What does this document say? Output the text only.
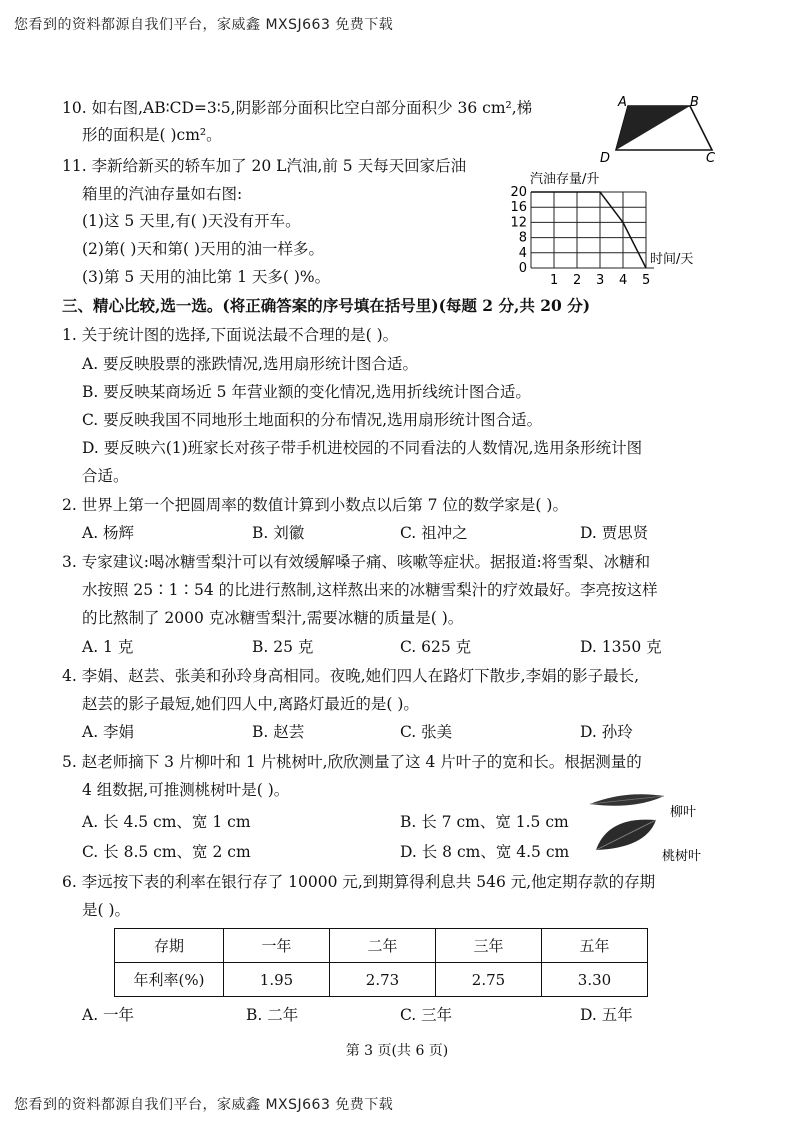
您看到的资料都源自我们平台，家威鑫 MXSJ663 免费下载
10. 如右图,AB∶CD=3∶5,阴影部分面积比空白部分面积少 36 cm²,梯
形的面积是( )cm²。
A	B
C
D
11. 李新给新买的轿车加了 20 L汽油,前 5 天每天回家后油
箱里的汽油存量如右图:
(1)这 5 天里,有( )天没有开车。
(2)第( )天和第( )天用的油一样多。
(3)第 5 天用的油比第 1 天多( )%。
汽油存量/升
时间/天
1 2 3 4 5
0
4
8
12
16
20
三、精心比较,选一选。(将正确答案的序号填在括号里)(每题 2 分,共 20 分)
1. 关于统计图的选择,下面说法最不合理的是( )。
A. 要反映股票的涨跌情况,选用扇形统计图合适。
B. 要反映某商场近 5 年营业额的变化情况,选用折线统计图合适。
C. 要反映我国不同地形土地面积的分布情况,选用扇形统计图合适。
D. 要反映六(1)班家长对孩子带手机进校园的不同看法的人数情况,选用条形统计图
合适。
2. 世界上第一个把圆周率的数值计算到小数点以后第 7 位的数学家是( )。
A. 杨辉	B. 刘徽	C. 祖冲之	D. 贾思贤
3. 专家建议:喝冰糖雪梨汁可以有效缓解嗓子痛、咳嗽等症状。据报道:将雪梨、冰糖和
水按照 25∶1∶54 的比进行熬制,这样熬出来的冰糖雪梨汁的疗效最好。李亮按这样
的比熬制了 2000 克冰糖雪梨汁,需要冰糖的质量是( )。
A. 1 克	B. 25 克	C. 625 克	D. 1350 克
4. 李娟、赵芸、张美和孙玲身高相同。夜晚,她们四人在路灯下散步,李娟的影子最长,
赵芸的影子最短,她们四人中,离路灯最近的是( )。
A. 李娟	B. 赵芸	C. 张美	D. 孙玲
5. 赵老师摘下 3 片柳叶和 1 片桃树叶,欣欣测量了这 4 片叶子的宽和长。根据测量的
4 组数据,可推测桃树叶是( )。
A. 长 4.5 cm、宽 1 cm	B. 长 7 cm、宽 1.5 cm
C. 长 8.5 cm、宽 2 cm	D. 长 8 cm、宽 4.5 cm
柳叶
桃树叶
6. 李远按下表的利率在银行存了 10000 元,到期算得利息共 546 元,他定期存款的存期
是( )。
存期	一年	二年	三年	五年
年利率(%)	1.95	2.73	2.75	3.30
A. 一年	B. 二年	C. 三年	D. 五年
第 3 页(共 6 页)
您看到的资料都源自我们平台，家威鑫 MXSJ663 免费下载
